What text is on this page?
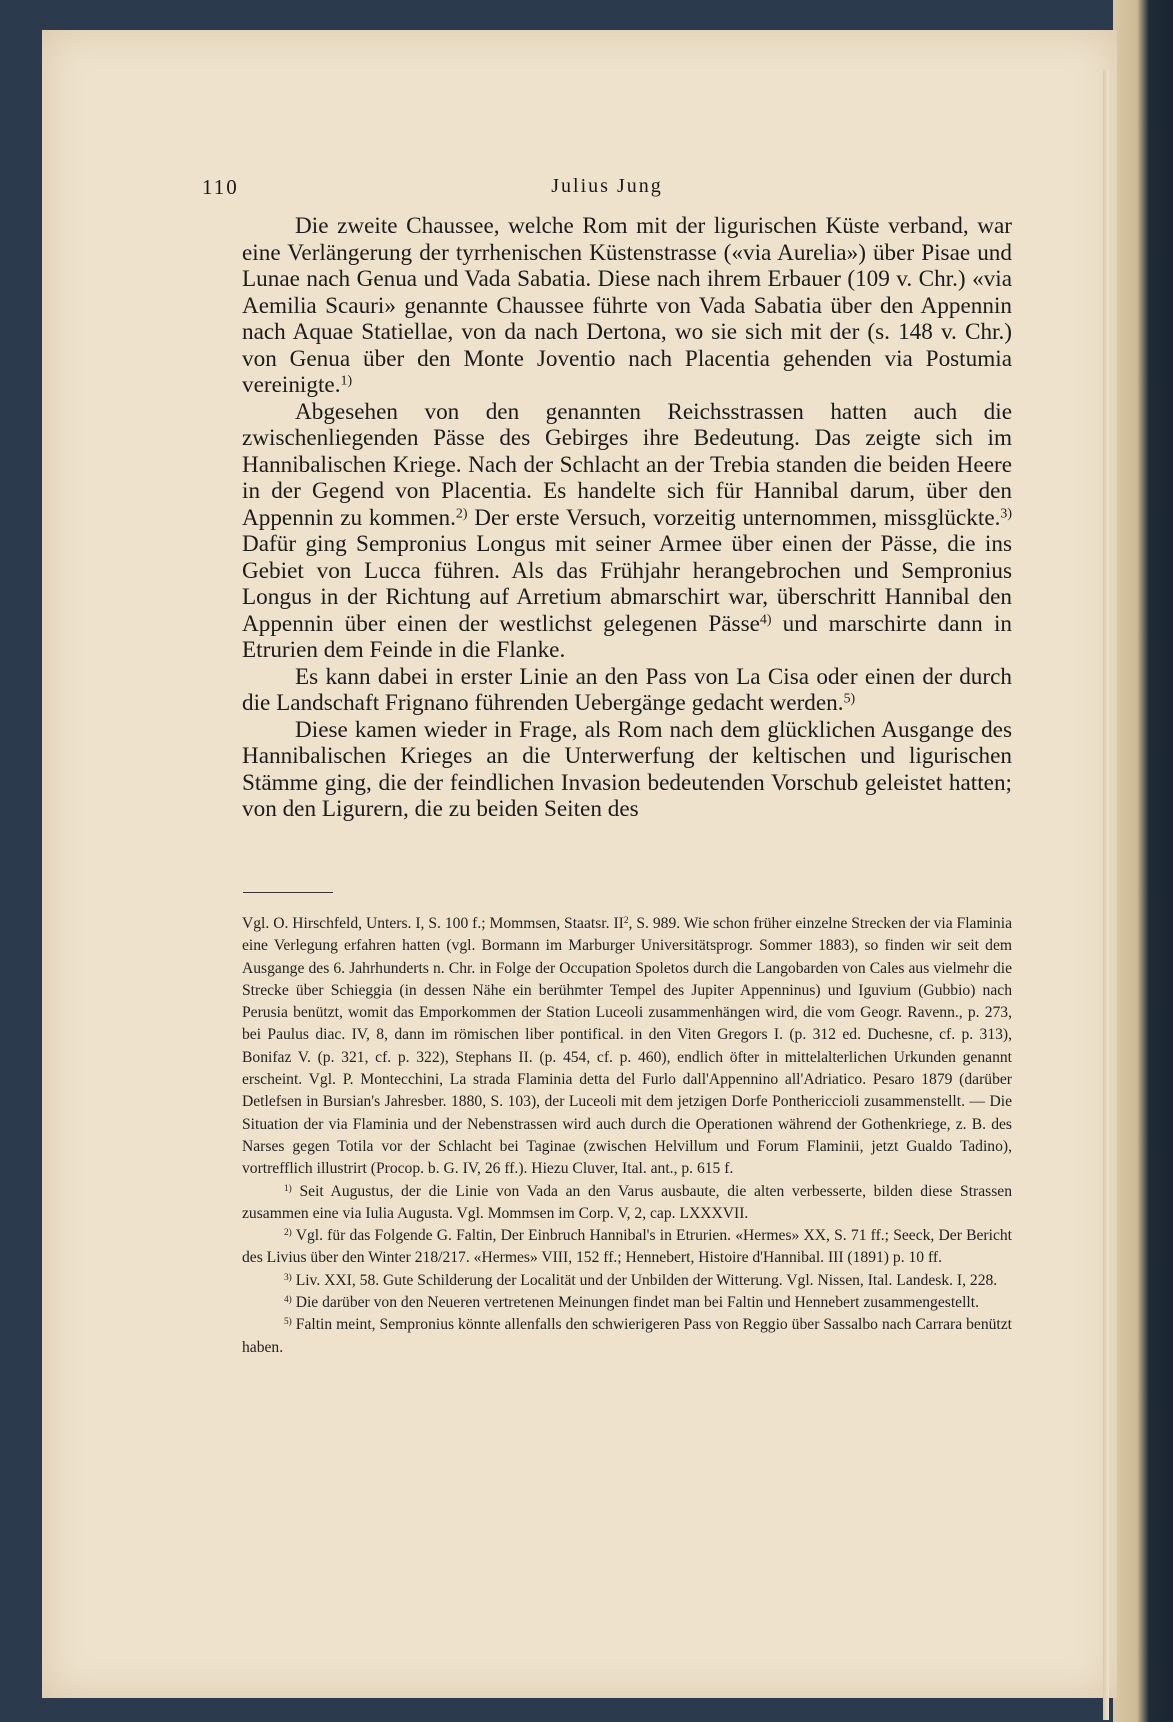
110	Julius Jung

Die zweite Chaussee, welche Rom mit der ligurischen Küste verband, war eine Verlängerung der tyrrhenischen Küstenstrasse («via Aurelia») über Pisae und Lunae nach Genua und Vada Sabatia. Diese nach ihrem Erbauer (109 v. Chr.) «via Aemilia Scauri» genannte Chaussee führte von Vada Sabatia über den Appennin nach Aquae Statiellae, von da nach Dertona, wo sie sich mit der (s. 148 v. Chr.) von Genua über den Monte Joventio nach Placentia gehenden via Postumia vereinigte.$^{1)}$

Abgesehen von den genannten Reichsstrassen hatten auch die zwischenliegenden Pässe des Gebirges ihre Bedeutung. Das zeigte sich im Hannibalischen Kriege. Nach der Schlacht an der Trebia standen die beiden Heere in der Gegend von Placentia. Es handelte sich für Hannibal darum, über den Appennin zu kommen.$^{2)}$ Der erste Versuch, vorzeitig unternommen, missglückte.$^{3)}$ Dafür ging Sempronius Longus mit seiner Armee über einen der Pässe, die ins Gebiet von Lucca führen. Als das Frühjahr herangebrochen und Sempronius Longus in der Richtung auf Arretium abmarschirt war, überschritt Hannibal den Appennin über einen der westlichst gelegenen Pässe$^{4)}$ und marschirte dann in Etrurien dem Feinde in die Flanke.

Es kann dabei in erster Linie an den Pass von La Cisa oder einen der durch die Landschaft Frignano führenden Uebergänge gedacht werden.$^{5)}$

Diese kamen wieder in Frage, als Rom nach dem glücklichen Ausgange des Hannibalischen Krieges an die Unterwerfung der keltischen und ligurischen Stämme ging, die der feindlichen Invasion bedeutenden Vorschub geleistet hatten; von den Ligurern, die zu beiden Seiten des

Vgl. O. Hirschfeld, Unters. I, S. 100 f.; Mommsen, Staatsr. $II^2$, S. 989. Wie schon früher einzelne Strecken der via Flaminia eine Verlegung erfahren hatten (vgl. Bormann im Marburger Universitätsprogr. Sommer 1883), so finden wir seit dem Ausgange des 6. Jahrhunderts n. Chr. in Folge der Occupation Spoletos durch die Langobarden von Cales aus vielmehr die Strecke über Schieggia (in dessen Nähe ein berühmter Tempel des Jupiter Appenninus) und Iguvium (Gubbio) nach Perusia benützt, womit das Emporkommen der Station Luceoli zusammenhängen wird, die vom Geogr. Ravenn., p. 273, bei Paulus diac. IV, 8, dann im römischen liber pontifical. in den Viten Gregors I. (p. 312 ed. Duchesne, cf. p. 313), Bonifaz V. (p. 321, cf. p. 322), Stephans II. (p. 454, cf. p. 460), endlich öfter in mittelalterlichen Urkunden genannt erscheint. Vgl. P. Montecchini, La strada Flaminia detta del Furlo dall'Appennino all'Adriatico. Pesaro 1879 (darüber Detlefsen in Bursian's Jahresber. 1880, S. 103), der Luceoli mit dem jetzigen Dorfe Ponthericcioli zusammenstellt. — Die Situation der via Flaminia und der Nebenstrassen wird auch durch die Operationen während der Gothenkriege, z. B. des Narses gegen Totila vor der Schlacht bei Taginae (zwischen Helvillum und Forum Flaminii, jetzt Gualdo Tadino), vortrefflich illustrirt (Procop. b. G. IV, 26 ff.). Hiezu Cluver, Ital. ant., p. 615 f.

$^{1)}$ Seit Augustus, der die Linie von Vada an den Varus ausbaute, die alten verbesserte, bilden diese Strassen zusammen eine via Iulia Augusta. Vgl. Mommsen im Corp. V, 2, cap. LXXXVII.

$^{2)}$ Vgl. für das Folgende G. Faltin, Der Einbruch Hannibal's in Etrurien. «Hermes» XX, S. 71 ff.; Seeck, Der Bericht des Livius über den Winter 218/217. «Hermes» VIII, 152 ff.; Hennebert, Histoire d'Hannibal. III (1891) p. 10 ff.

$^{3)}$ Liv. XXI, 58. Gute Schilderung der Localität und der Unbilden der Witterung. Vgl. Nissen, Ital. Landesk. I, 228.

$^{4)}$ Die darüber von den Neueren vertretenen Meinungen findet man bei Faltin und Hennebert zusammengestellt.

$^{5)}$ Faltin meint, Sempronius könnte allenfalls den schwierigeren Pass von Reggio über Sassalbo nach Carrara benützt haben.
